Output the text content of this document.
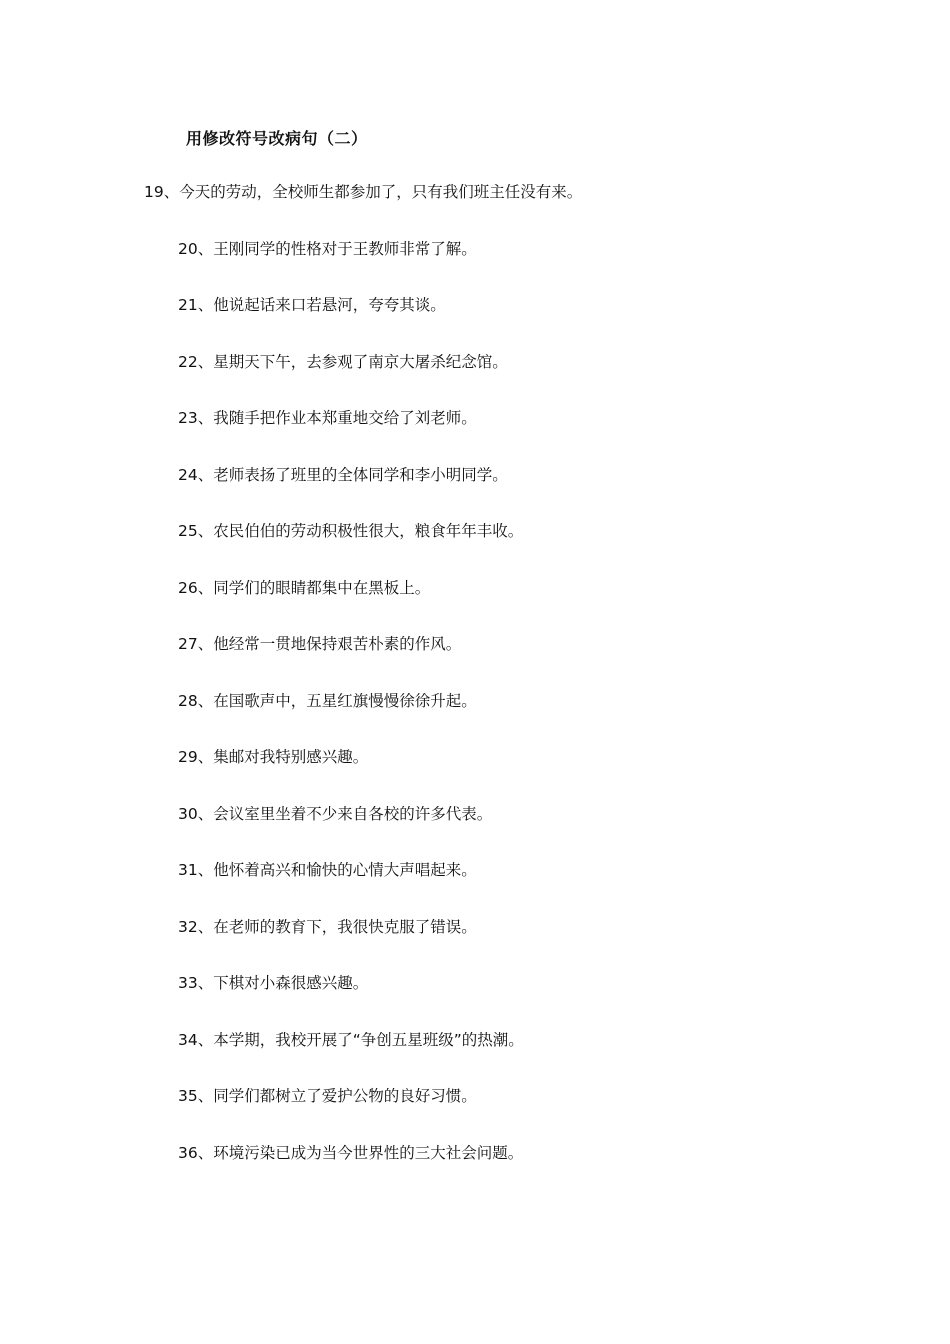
用修改符号改病句（二）
19、今天的劳动，全校师生都参加了，只有我们班主任没有来。
20、王刚同学的性格对于王教师非常了解。
21、他说起话来口若悬河，夸夸其谈。
22、星期天下午，去参观了南京大屠杀纪念馆。
23、我随手把作业本郑重地交给了刘老师。
24、老师表扬了班里的全体同学和李小明同学。
25、农民伯伯的劳动积极性很大，粮食年年丰收。
26、同学们的眼睛都集中在黑板上。
27、他经常一贯地保持艰苦朴素的作风。
28、在国歌声中，五星红旗慢慢徐徐升起。
29、集邮对我特别感兴趣。
30、会议室里坐着不少来自各校的许多代表。
31、他怀着高兴和愉快的心情大声唱起来。
32、在老师的教育下，我很快克服了错误。
33、下棋对小森很感兴趣。
34、本学期，我校开展了“争创五星班级”的热潮。
35、同学们都树立了爱护公物的良好习惯。
36、环境污染已成为当今世界性的三大社会问题。
